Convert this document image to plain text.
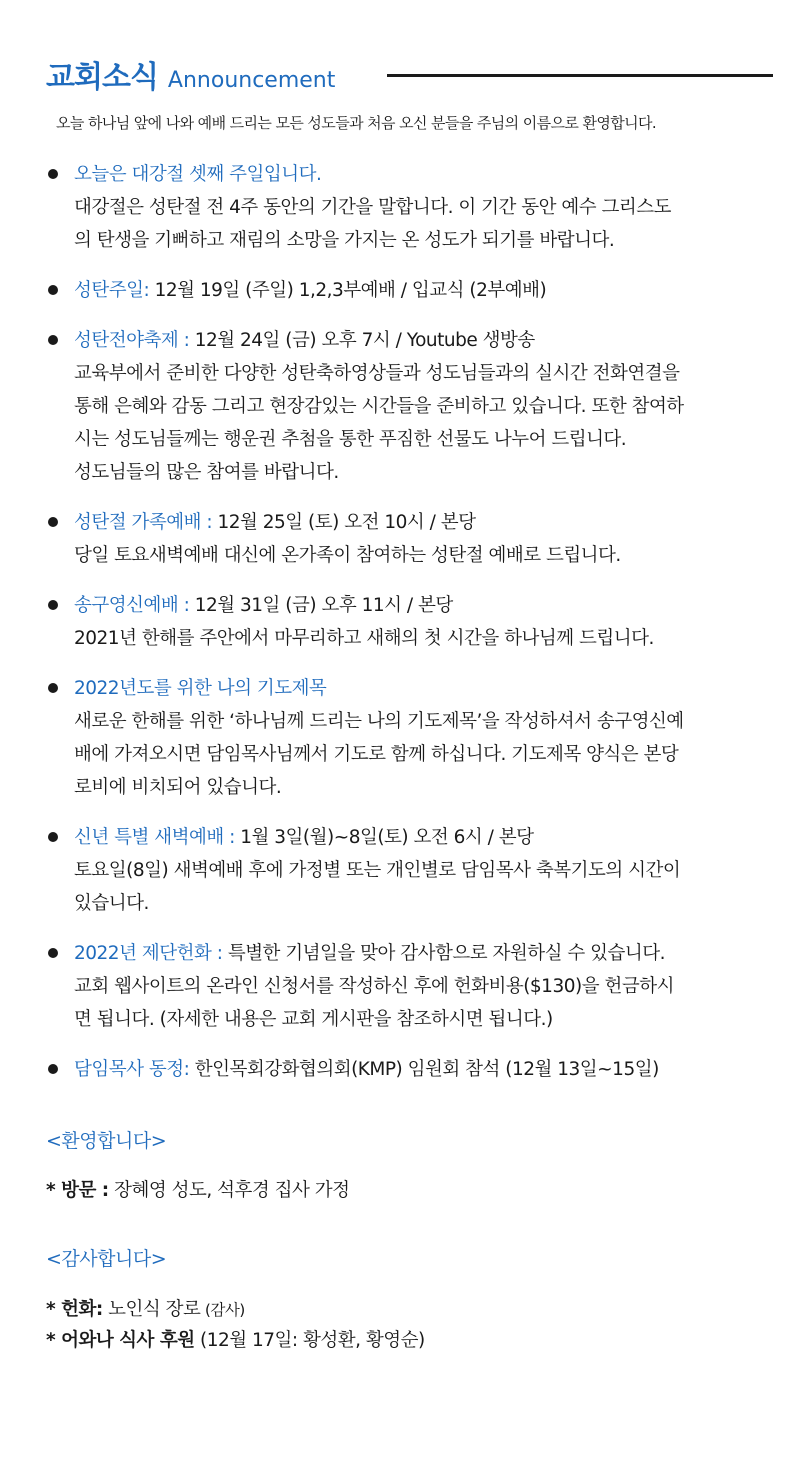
교회소식 Announcement
오늘 하나님 앞에 나와 예배 드리는 모든 성도들과 처음 오신 분들을 주님의 이름으로 환영합니다.
오늘은 대강절 셋째 주일입니다.
대강절은 성탄절 전 4주 동안의 기간을 말합니다. 이 기간 동안 예수 그리스도
의 탄생을 기뻐하고 재림의 소망을 가지는 온 성도가 되기를 바랍니다.
성탄주일: 12월 19일 (주일) 1,2,3부예배 / 입교식 (2부예배)
성탄전야축제 : 12월 24일 (금) 오후 7시 / Youtube 생방송
교육부에서 준비한 다양한 성탄축하영상들과 성도님들과의 실시간 전화연결을
통해 은혜와 감동 그리고 현장감있는 시간들을 준비하고 있습니다. 또한 참여하
시는 성도님들께는 행운권 추첨을 통한 푸짐한 선물도 나누어 드립니다.
성도님들의 많은 참여를 바랍니다.
성탄절 가족예배 : 12월 25일 (토) 오전 10시 / 본당
당일 토요새벽예배 대신에 온가족이 참여하는 성탄절 예배로 드립니다.
송구영신예배 : 12월 31일 (금) 오후 11시 / 본당
2021년 한해를 주안에서 마무리하고 새해의 첫 시간을 하나님께 드립니다.
2022년도를 위한 나의 기도제목
새로운 한해를 위한 ‘하나님께 드리는 나의 기도제목’을 작성하셔서 송구영신예
배에 가져오시면 담임목사님께서 기도로 함께 하십니다. 기도제목 양식은 본당
로비에 비치되어 있습니다.
신년 특별 새벽예배 : 1월 3일(월)~8일(토) 오전 6시 / 본당
토요일(8일) 새벽예배 후에 가정별 또는 개인별로 담임목사 축복기도의 시간이
있습니다.
2022년 제단헌화 : 특별한 기념일을 맞아 감사함으로 자원하실 수 있습니다.
교회 웹사이트의 온라인 신청서를 작성하신 후에 헌화비용($130)을 헌금하시
면 됩니다. (자세한 내용은 교회 게시판을 참조하시면 됩니다.)
담임목사 동정: 한인목회강화협의회(KMP) 임원회 참석 (12월 13일~15일)
<환영합니다>
* 방문 : 장혜영 성도, 석후경 집사 가정
<감사합니다>
* 헌화: 노인식 장로 (감사)
* 어와나 식사 후원 (12월 17일: 황성환, 황영순)
